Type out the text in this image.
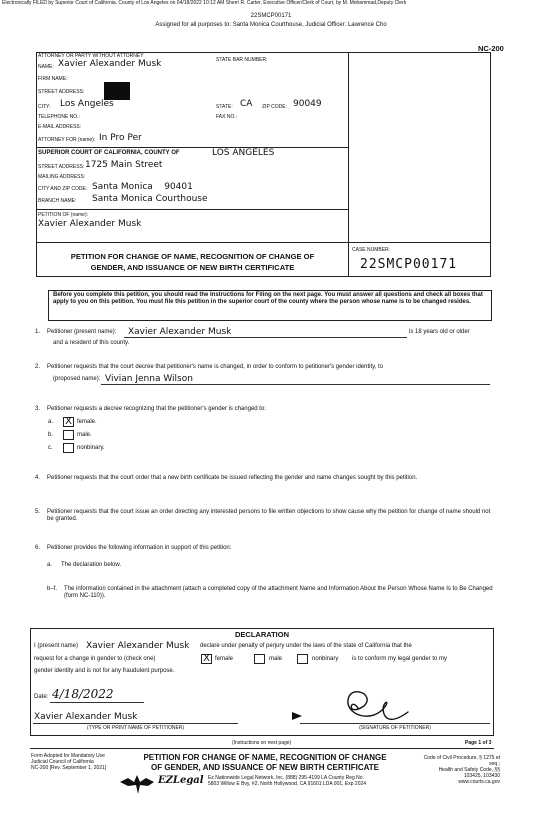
Electronically FILED by Superior Court of California, County of Los Angeles on 04/18/2022 10:12 AM Sherri R. Carter, Executive Officer/Clerk of Court, by M. Mohammad,Deputy Clerk
22SMCP00171
Assigned for all purposes to: Santa Monica Courthouse, Judicial Officer: Lawrence Cho
NC-200
ATTORNEY OR PARTY WITHOUT ATTORNEY
STATE BAR NUMBER:
NAME: Xavier Alexander Musk
FIRM NAME:
STREET ADDRESS:
CITY: Los Angeles	STATE: CA ZIP CODE: 90049
TELEPHONE NO.:	FAX NO.:
E-MAIL ADDRESS:
ATTORNEY FOR (name): In Pro Per
SUPERIOR COURT OF CALIFORNIA, COUNTY OF	LOS ANGELES
STREET ADDRESS: 1725 Main Street
MAILING ADDRESS:
CITY AND ZIP CODE: Santa Monica    90401
BRANCH NAME: Santa Monica Courthouse
PETITION OF (name):
Xavier Alexander Musk
PETITION FOR CHANGE OF NAME, RECOGNITION OF CHANGE OF
GENDER, AND ISSUANCE OF NEW BIRTH CERTIFICATE
CASE NUMBER:
22SMCP00171
Before you complete this petition, you should read the Instructions for Filing on the next page. You must answer all questions and check all boxes that apply to you on this petition. You must file this petition in the superior court of the county where the person whose name is to be changed resides.
1. Petitioner (present name): Xavier Alexander Musk	is 18 years old or older
and a resident of this county.
2. Petitioner requests that the court decree that petitioner's name is changed, in order to conform to petitioner's gender identity, to
(proposed name): Vivian Jenna Wilson
3. Petitioner requests a decree recognizing that the petitioner's gender is changed to:
a. X female.
b.	male.
c.	nonbinary.
4. Petitioner requests that the court order that a new birth certificate be issued reflecting the gender and name changes sought by this petition.
5. Petitioner requests that the court issue an order directing any interested persons to file written objections to show cause why the petition for change of name should not be granted.
6. Petitioner provides the following information in support of this petition:
a. The declaration below.
b–f. The information contained in the attachment (attach a completed copy of the attachment Name and Information About the Person Whose Name Is to Be Changed (form NC-110)).
DECLARATION
I (present name) Xavier Alexander Musk declare under penalty of perjury under the laws of the state of California that the
request for a change in gender to (check one)	X female	male	nonbinary is to conform my legal gender to my
gender identity and is not for any fraudulent purpose.
Date: 4/18/2022
Xavier Alexander Musk
(TYPE OR PRINT NAME OF PETITIONER)	(SIGNATURE OF PETITIONER)
(Instructions on next page)	Page 1 of 3
Form Adopted for Mandatory Use
Judicial Council of California
NC-200 [Rev. September 1, 2021]
PETITION FOR CHANGE OF NAME, RECOGNITION OF CHANGE
OF GENDER, AND ISSUANCE OF NEW BIRTH CERTIFICATE
Code of Civil Procedure, § 1275 et seq.;
Health and Safety Code, §§ 103425, 103430
www.courts.ca.gov
EZLegal Ez Nationwide Legal Network, Inc. (888) 295-4199 LA County Reg No.
5803 Willow E Bvy, #2, North Hollywood, CA 91601 LDA 001, Exp 2024
